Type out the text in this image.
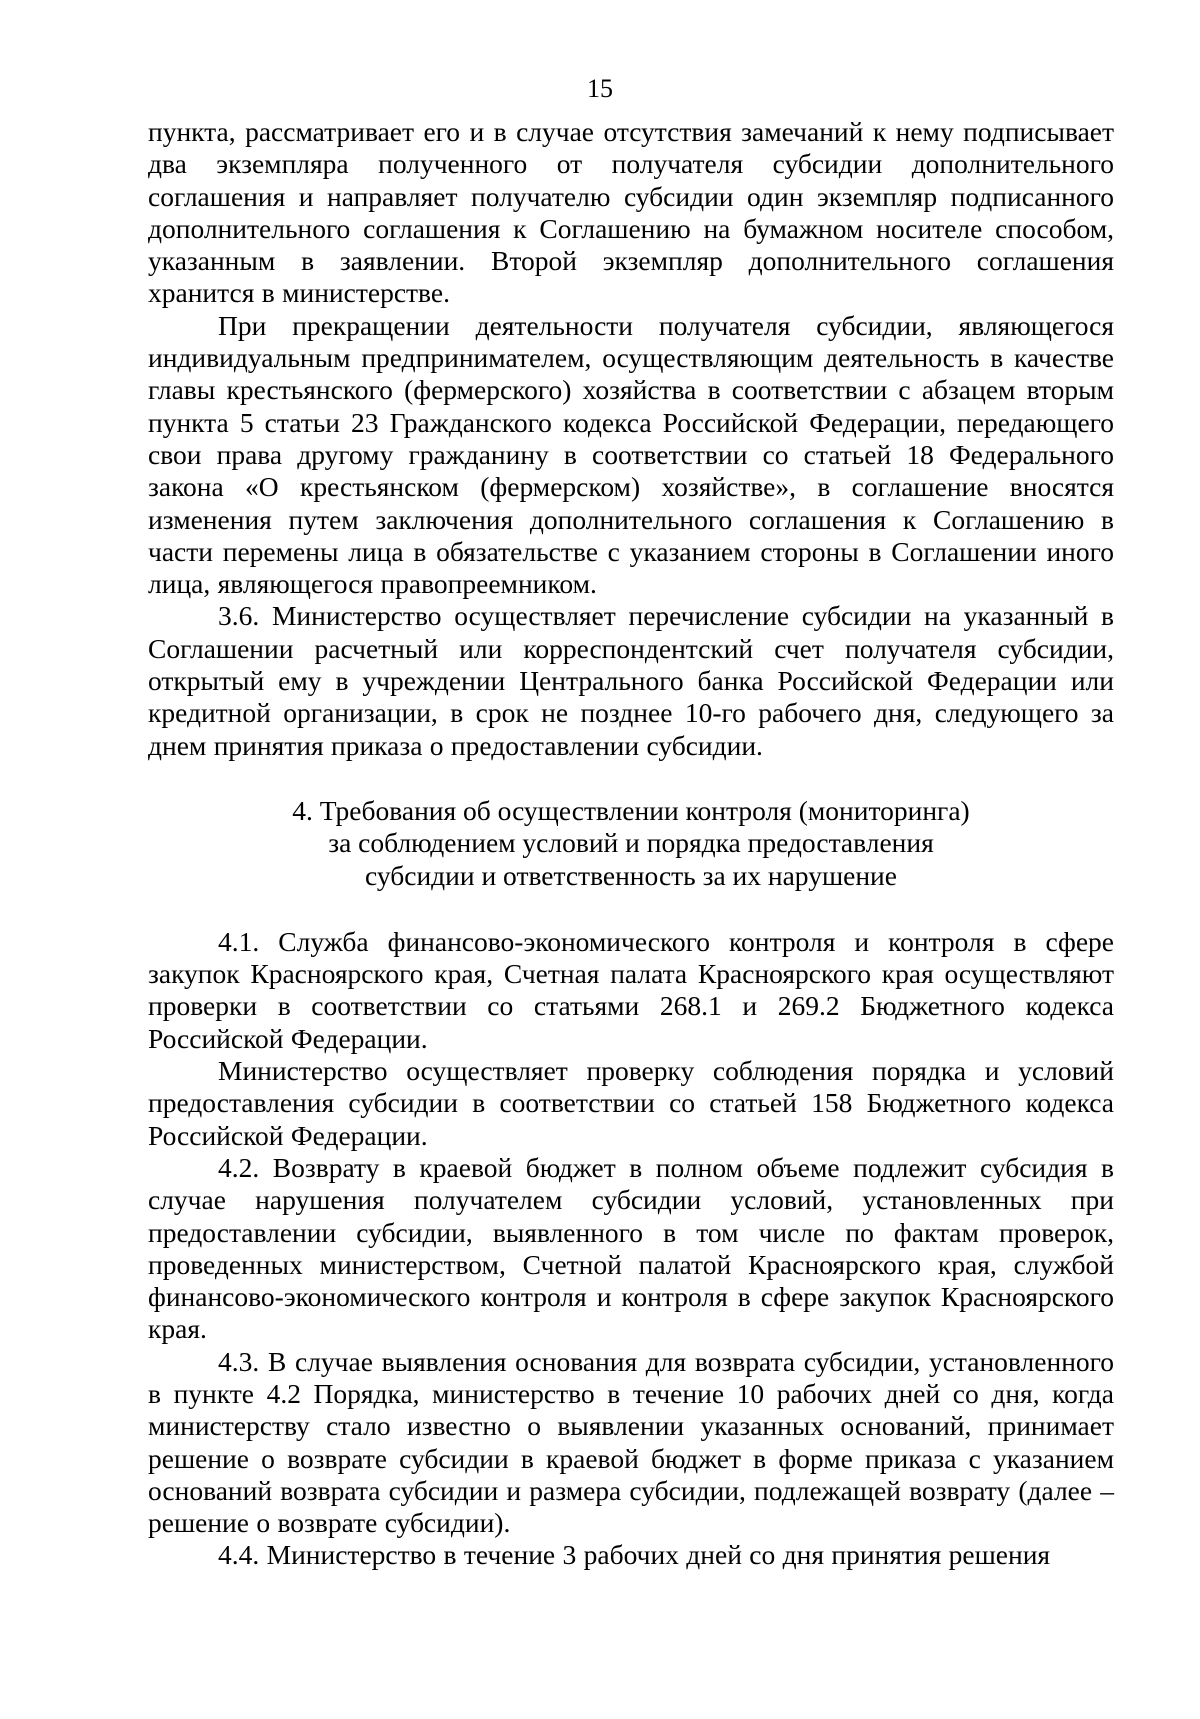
15

пункта, рассматривает его и в случае отсутствия замечаний к нему подписывает два экземпляра полученного от получателя субсидии дополнительного соглашения и направляет получателю субсидии один экземпляр подписанного дополнительного соглашения к Соглашению на бумажном носителе способом, указанным в заявлении. Второй экземпляр дополнительного соглашения хранится в министерстве.

При прекращении деятельности получателя субсидии, являющегося индивидуальным предпринимателем, осуществляющим деятельность в качестве главы крестьянского (фермерского) хозяйства в соответствии с абзацем вторым пункта 5 статьи 23 Гражданского кодекса Российской Федерации, передающего свои права другому гражданину в соответствии со статьей 18 Федерального закона «О крестьянском (фермерском) хозяйстве», в соглашение вносятся изменения путем заключения дополнительного соглашения к Соглашению в части перемены лица в обязательстве с указанием стороны в Соглашении иного лица, являющегося правопреемником.

3.6. Министерство осуществляет перечисление субсидии на указанный в Соглашении расчетный или корреспондентский счет получателя субсидии, открытый ему в учреждении Центрального банка Российской Федерации или кредитной организации, в срок не позднее 10-го рабочего дня, следующего за днем принятия приказа о предоставлении субсидии.

4. Требования об осуществлении контроля (мониторинга)
за соблюдением условий и порядка предоставления
субсидии и ответственность за их нарушение

4.1. Служба финансово-экономического контроля и контроля в сфере закупок Красноярского края, Счетная палата Красноярского края осуществляют проверки в соответствии со статьями 268.1 и 269.2 Бюджетного кодекса Российской Федерации.

Министерство осуществляет проверку соблюдения порядка и условий предоставления субсидии в соответствии со статьей 158 Бюджетного кодекса Российской Федерации.

4.2. Возврату в краевой бюджет в полном объеме подлежит субсидия в случае нарушения получателем субсидии условий, установленных при предоставлении субсидии, выявленного в том числе по фактам проверок, проведенных министерством, Счетной палатой Красноярского края, службой финансово-экономического контроля и контроля в сфере закупок Красноярского края.

4.3. В случае выявления основания для возврата субсидии, установленного в пункте 4.2 Порядка, министерство в течение 10 рабочих дней со дня, когда министерству стало известно о выявлении указанных оснований, принимает решение о возврате субсидии в краевой бюджет в форме приказа с указанием оснований возврата субсидии и размера субсидии, подлежащей возврату (далее – решение о возврате субсидии).

4.4. Министерство в течение 3 рабочих дней со дня принятия решения
